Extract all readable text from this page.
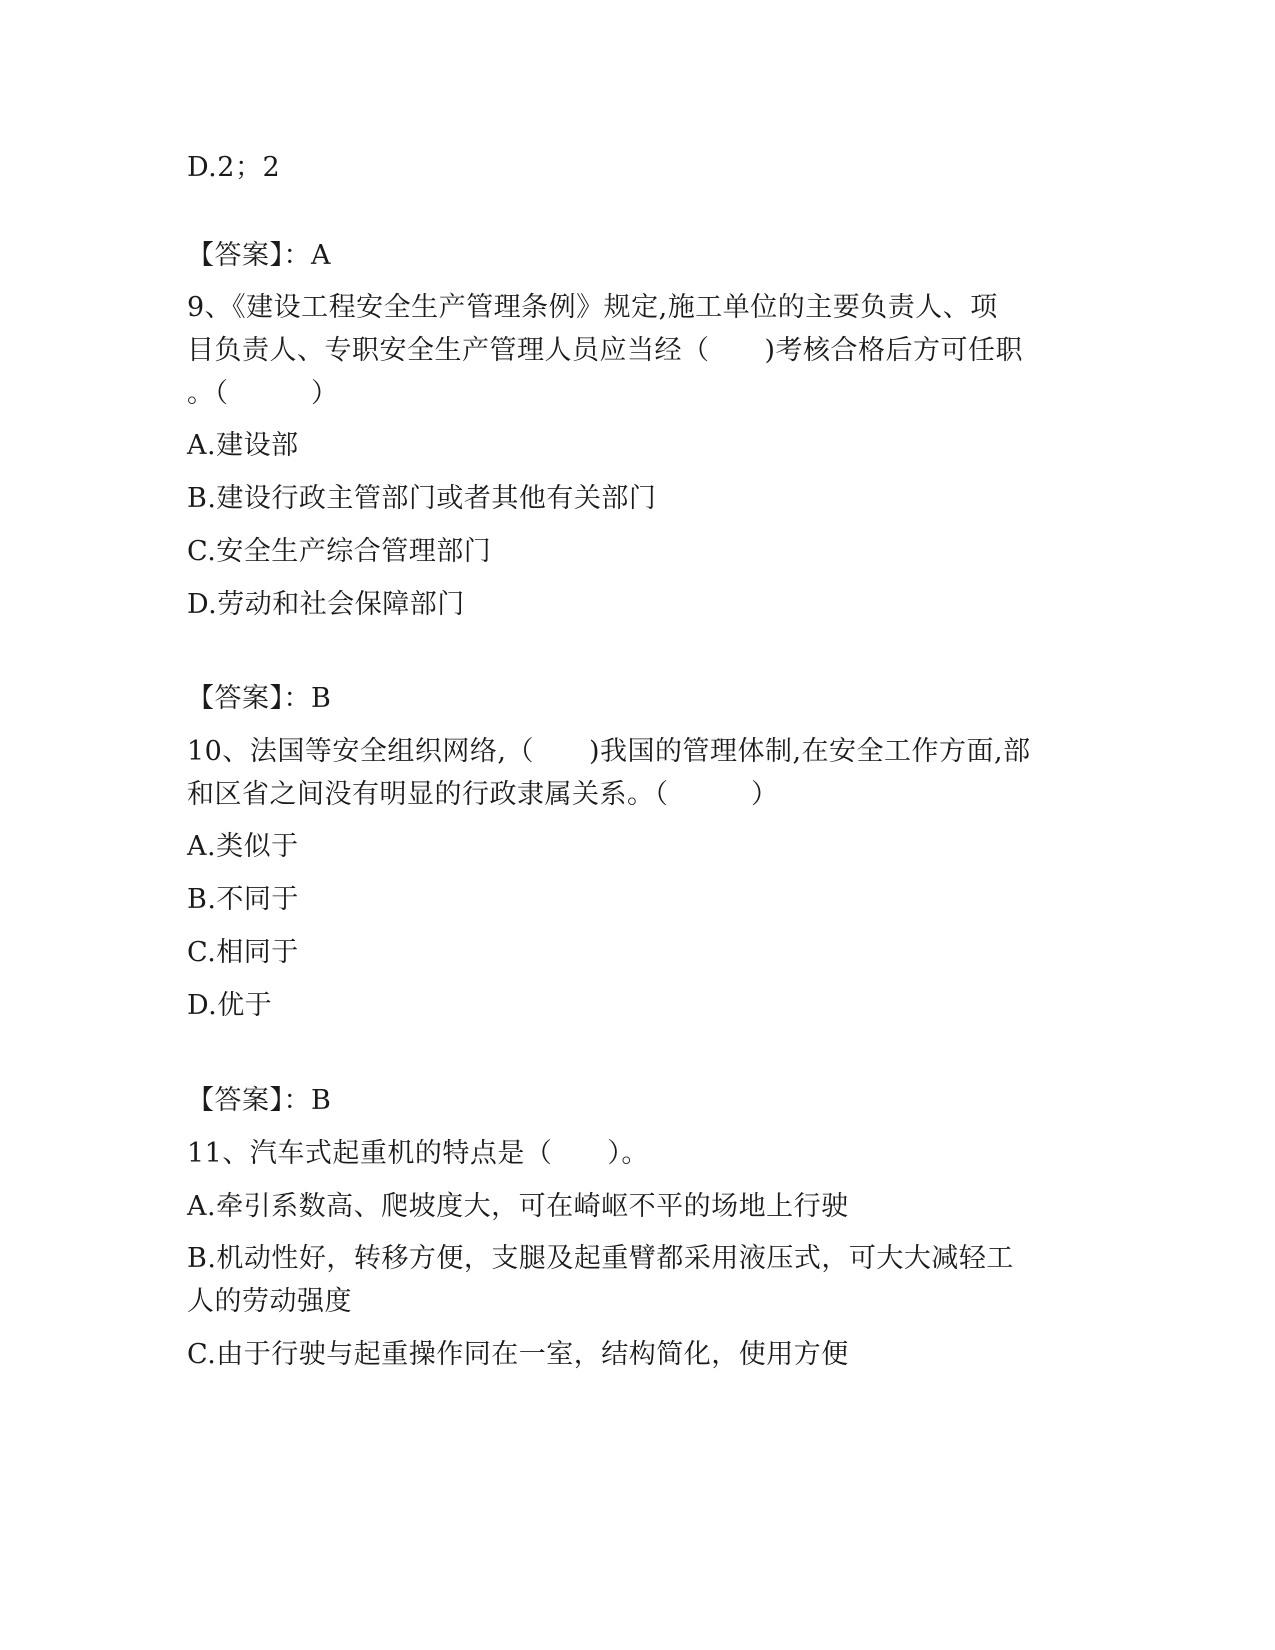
D.2；2
【答案】：A
9、《建设工程安全生产管理条例》规定,施工单位的主要负责人、项
目负责人、专职安全生产管理人员应当经（　　)考核合格后方可任职
。（　　　）
A.建设部
B.建设行政主管部门或者其他有关部门
C.安全生产综合管理部门
D.劳动和社会保障部门
【答案】：B
10、法国等安全组织网络,（　　)我国的管理体制,在安全工作方面,部
和区省之间没有明显的行政隶属关系。（　　　）
A.类似于
B.不同于
C.相同于
D.优于
【答案】：B
11、汽车式起重机的特点是（　　）。
A.牵引系数高、爬坡度大，可在崎岖不平的场地上行驶
B.机动性好，转移方便，支腿及起重臂都采用液压式，可大大减轻工
人的劳动强度
C.由于行驶与起重操作同在一室，结构简化，使用方便
